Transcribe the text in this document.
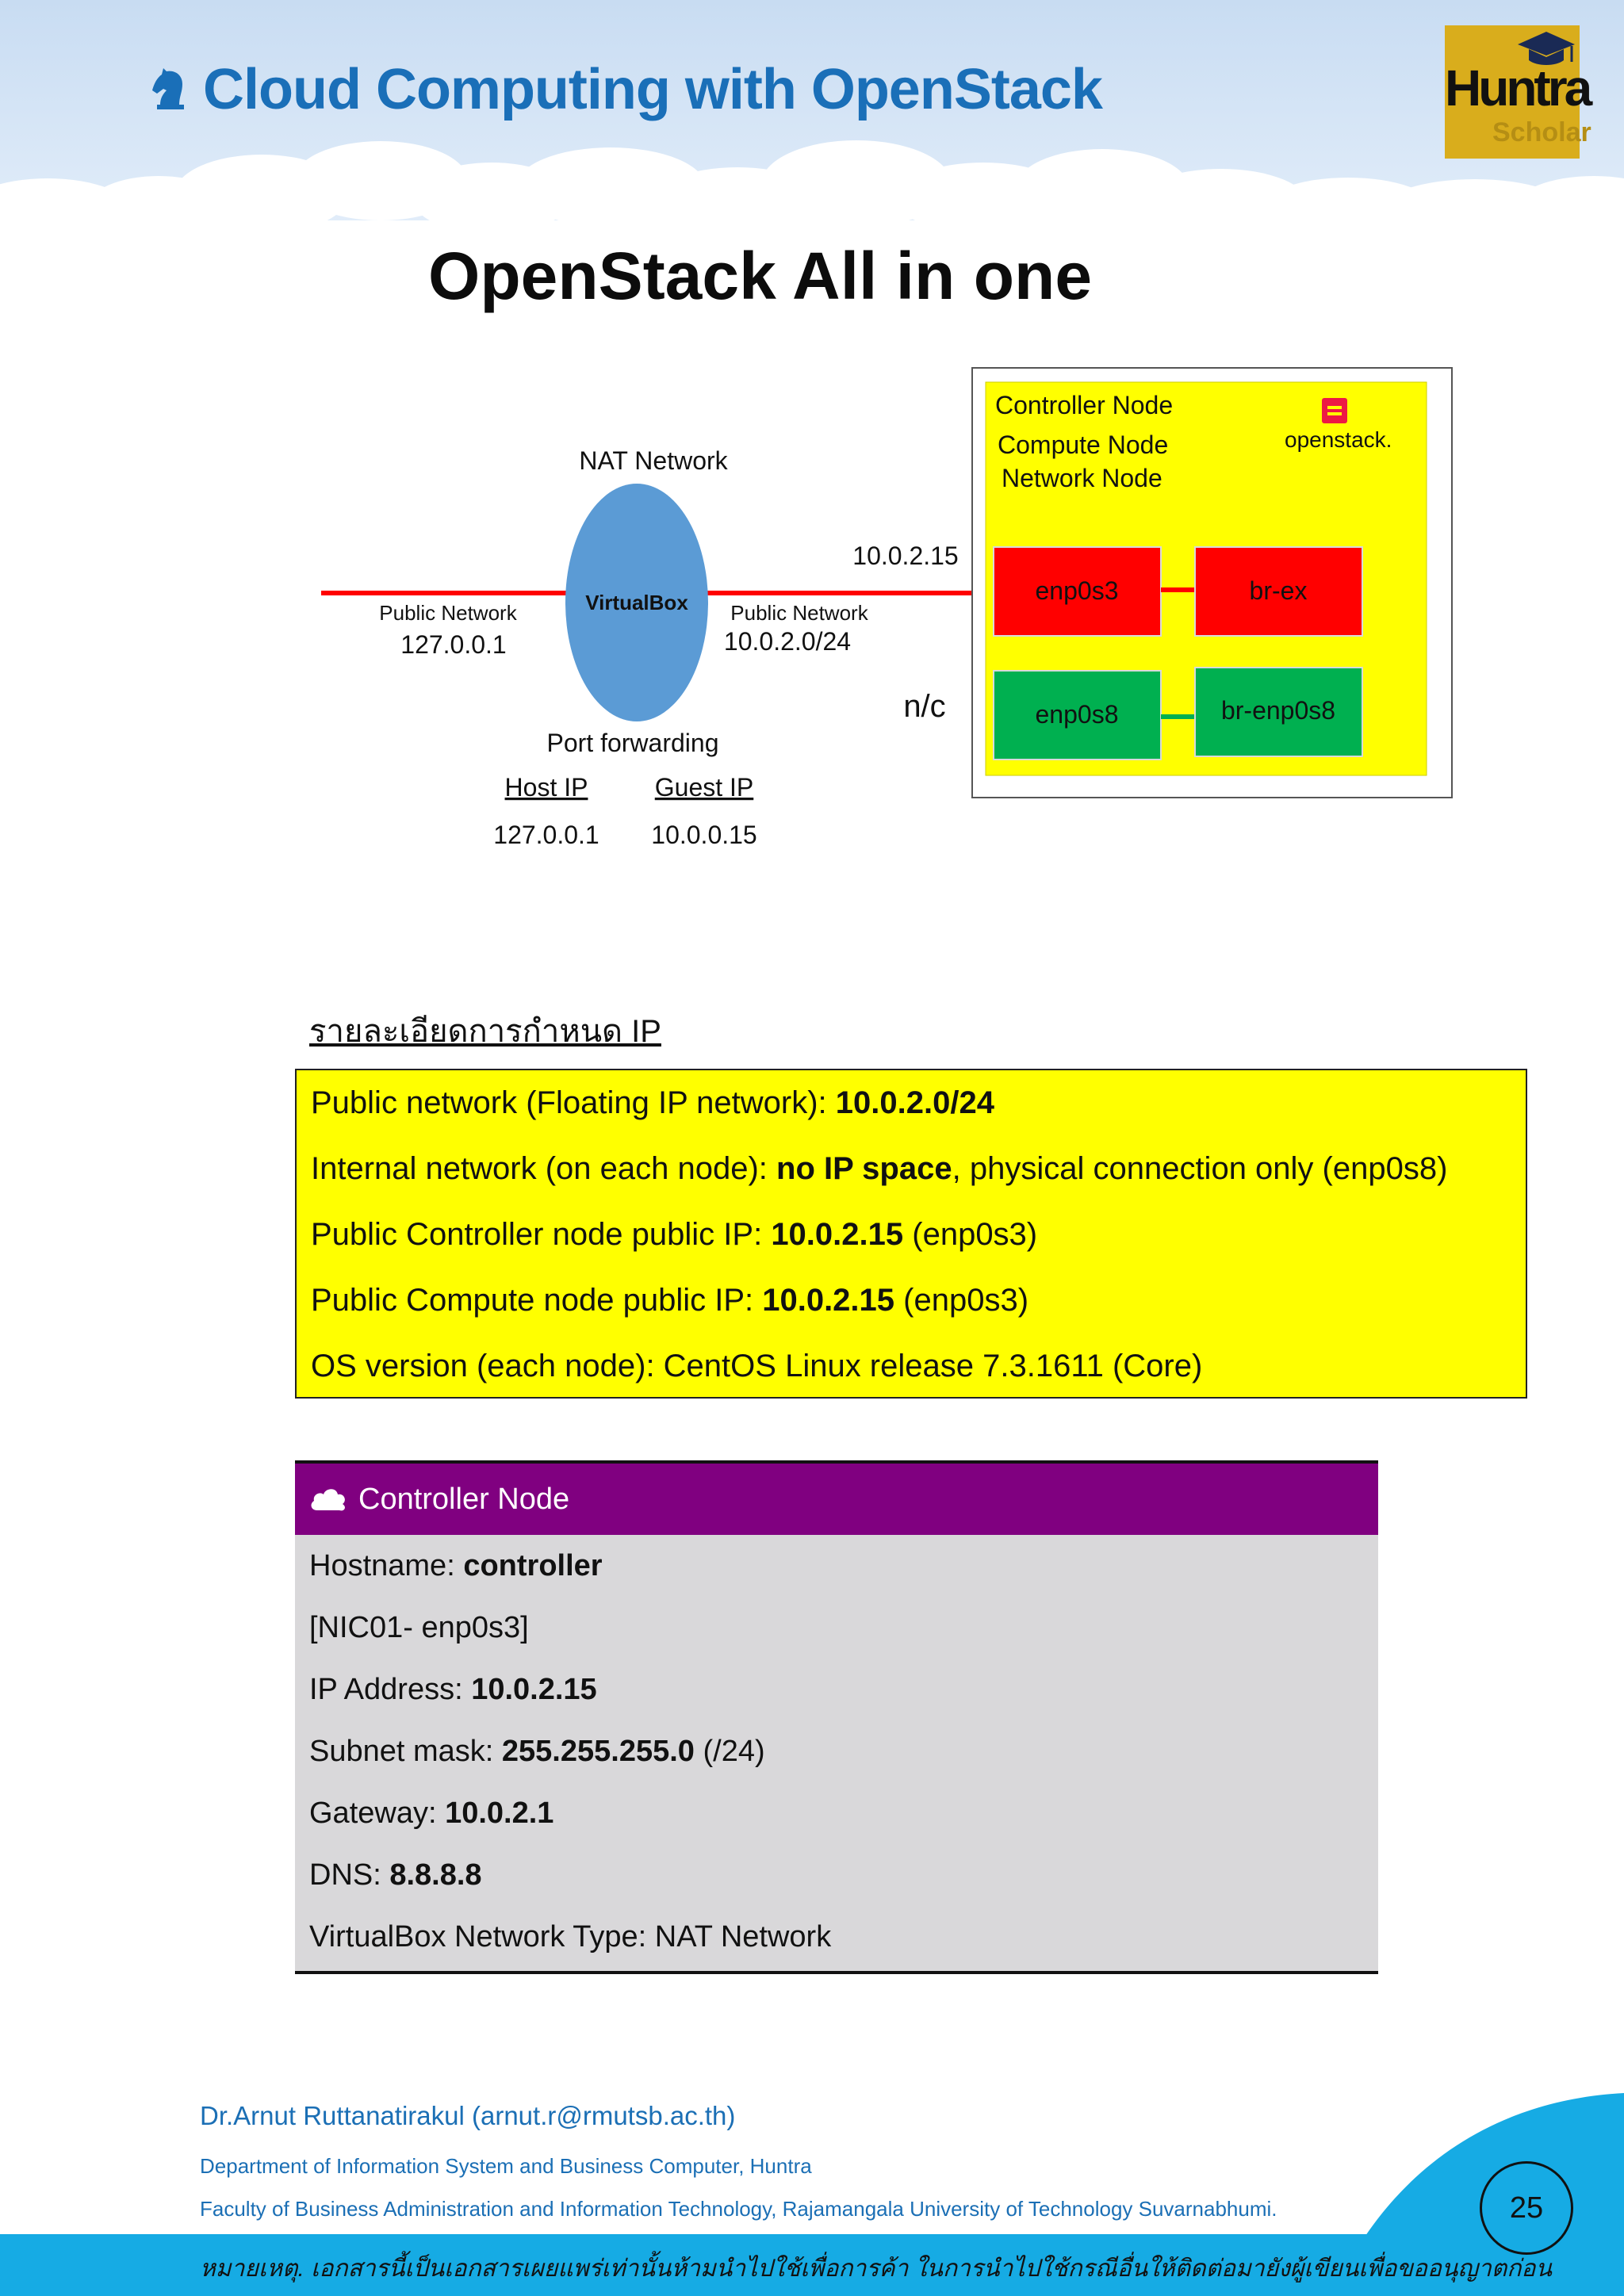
Cloud Computing with OpenStack	Huntra
Scholar
OpenStack All in one
VirtualBox
NAT Network
Public Network
127.0.0.1
Public Network
10.0.2.0/24
10.0.2.15
n/c
Port forwarding
Host IP	Guest IP
127.0.0.1 10.0.0.15
Controller Node
Compute Node
Network Node
openstack.
enp0s3	br-ex
enp0s8	br-enp0s8
รายละเอียดการกำหนด IP
Public network (Floating IP network): 10.0.2.0/24
Internal network (on each node): no IP space, physical connection only (enp0s8)
Public Controller node public IP: 10.0.2.15 (enp0s3)
Public Compute node public IP: 10.0.2.15 (enp0s3)
OS version (each node): CentOS Linux release 7.3.1611 (Core)
Controller Node
Hostname: controller
[NIC01- enp0s3]
IP Address: 10.0.2.15
Subnet mask: 255.255.255.0 (/24)
Gateway: 10.0.2.1
DNS: 8.8.8.8
VirtualBox Network Type: NAT Network
Dr.Arnut Ruttanatirakul (arnut.r@rmutsb.ac.th)
Department of Information System and Business Computer, Huntra
Faculty of Business Administration and Information Technology, Rajamangala University of Technology Suvarnabhumi.
หมายเหตุ. เอกสารนี้เป็นเอกสารเผยแพร่เท่านั้นห้ามนำไปใช้เพื่อการค้า ในการนำไปใช้กรณีอื่นให้ติดต่อมายังผู้เขียนเพื่อขออนุญาตก่อน
25
